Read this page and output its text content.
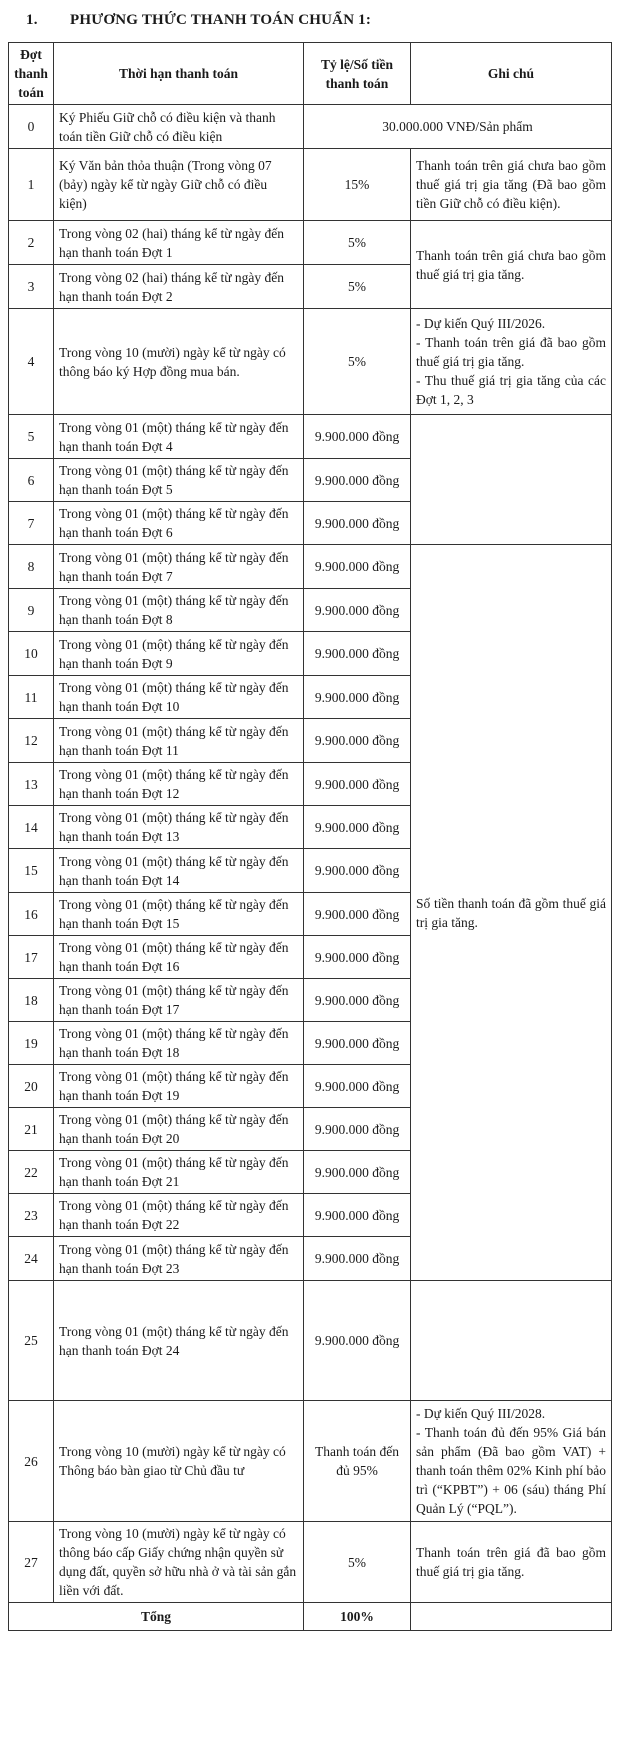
1. PHƯƠNG THỨC THANH TOÁN CHUẨN 1:
Đợt thanh toán	Thời hạn thanh toán	Tỷ lệ/Số tiền thanh toán	Ghi chú
0	Ký Phiếu Giữ chỗ có điều kiện và thanh toán tiền Giữ chỗ có điều kiện	30.000.000 VNĐ/Sản phẩm	
1	Ký Văn bản thỏa thuận (Trong vòng 07 (bảy) ngày kể từ ngày Giữ chỗ có điều kiện)	15%	Thanh toán trên giá chưa bao gồm thuế giá trị gia tăng (Đã bao gồm tiền Giữ chỗ có điều kiện).
2	Trong vòng 02 (hai) tháng kể từ ngày đến hạn thanh toán Đợt 1	5%	Thanh toán trên giá chưa bao gồm thuế giá trị gia tăng.
3	Trong vòng 02 (hai) tháng kể từ ngày đến hạn thanh toán Đợt 2	5%	
4	Trong vòng 10 (mười) ngày kể từ ngày có thông báo ký Hợp đồng mua bán.	5%	- Dự kiến Quý III/2026.
- Thanh toán trên giá đã bao gồm thuế giá trị gia tăng.
- Thu thuế giá trị gia tăng của các Đợt 1, 2, 3

5	Trong vòng 01 (một) tháng kể từ ngày đến hạn thanh toán Đợt 4	9.900.000 đồng	
6	Trong vòng 01 (một) tháng kể từ ngày đến hạn thanh toán Đợt 5	9.900.000 đồng	
7	Trong vòng 01 (một) tháng kể từ ngày đến hạn thanh toán Đợt 6	9.900.000 đồng	
8	Trong vòng 01 (một) tháng kể từ ngày đến hạn thanh toán Đợt 7	9.900.000 đồng	Số tiền thanh toán đã gồm thuế giá trị gia tăng.
9	Trong vòng 01 (một) tháng kể từ ngày đến hạn thanh toán Đợt 8	9.900.000 đồng	
10	Trong vòng 01 (một) tháng kể từ ngày đến hạn thanh toán Đợt 9	9.900.000 đồng	
11	Trong vòng 01 (một) tháng kể từ ngày đến hạn thanh toán Đợt 10	9.900.000 đồng	
12	Trong vòng 01 (một) tháng kể từ ngày đến hạn thanh toán Đợt 11	9.900.000 đồng	
13	Trong vòng 01 (một) tháng kể từ ngày đến hạn thanh toán Đợt 12	9.900.000 đồng	
14	Trong vòng 01 (một) tháng kể từ ngày đến hạn thanh toán Đợt 13	9.900.000 đồng	
15	Trong vòng 01 (một) tháng kể từ ngày đến hạn thanh toán Đợt 14	9.900.000 đồng	
16	Trong vòng 01 (một) tháng kể từ ngày đến hạn thanh toán Đợt 15	9.900.000 đồng	
17	Trong vòng 01 (một) tháng kể từ ngày đến hạn thanh toán Đợt 16	9.900.000 đồng	
18	Trong vòng 01 (một) tháng kể từ ngày đến hạn thanh toán Đợt 17	9.900.000 đồng	
19	Trong vòng 01 (một) tháng kể từ ngày đến hạn thanh toán Đợt 18	9.900.000 đồng	
20	Trong vòng 01 (một) tháng kể từ ngày đến hạn thanh toán Đợt 19	9.900.000 đồng	
21	Trong vòng 01 (một) tháng kể từ ngày đến hạn thanh toán Đợt 20	9.900.000 đồng	
22	Trong vòng 01 (một) tháng kể từ ngày đến hạn thanh toán Đợt 21	9.900.000 đồng	
23	Trong vòng 01 (một) tháng kể từ ngày đến hạn thanh toán Đợt 22	9.900.000 đồng	
24	Trong vòng 01 (một) tháng kể từ ngày đến hạn thanh toán Đợt 23	9.900.000 đồng	
25	Trong vòng 01 (một) tháng kể từ ngày đến hạn thanh toán Đợt 24	9.900.000 đồng	
26	Trong vòng 10 (mười) ngày kể từ ngày có Thông báo bàn giao từ Chủ đầu tư	Thanh toán đến đủ 95%	- Dự kiến Quý III/2028.
- Thanh toán đủ đến 95% Giá bán sản phẩm (Đã bao gồm VAT) + thanh toán thêm 02% Kinh phí bảo trì (“KPBT”) + 06 (sáu) tháng Phí Quản Lý (“PQL”).

27	Trong vòng 10 (mười) ngày kể từ ngày có thông báo cấp Giấy chứng nhận quyền sử dụng đất, quyền sở hữu nhà ở và tài sản gắn liền với đất.	5%	Thanh toán trên giá đã bao gồm thuế giá trị gia tăng.
Tổng		100%	
